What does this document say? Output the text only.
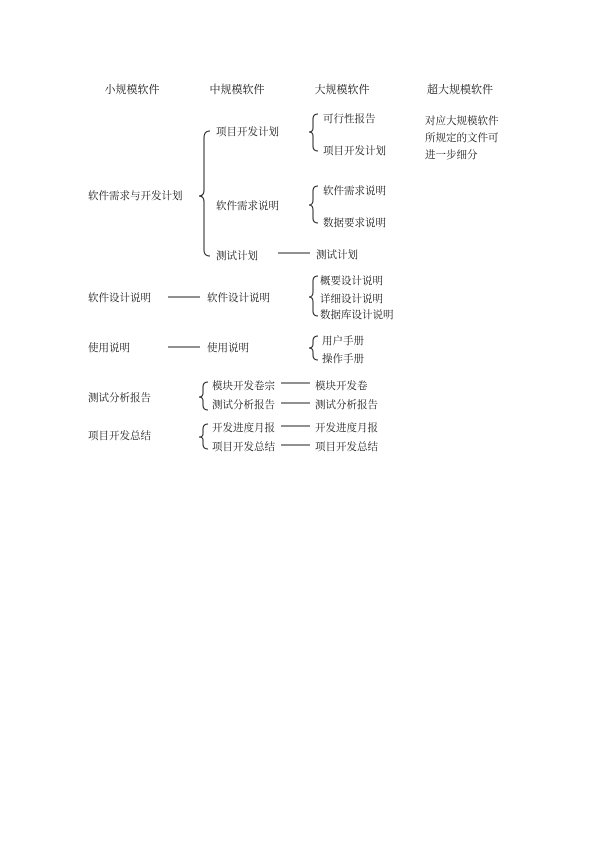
小规模软件	中规模软件	大规模软件	超大规模软件
软件需求与开发计划
软件设计说明
使用说明
测试分析报告
项目开发总结
项目开发计划
软件需求说明
测试计划
软件设计说明
使用说明
模块开发卷宗
测试分析报告
开发进度月报
项目开发总结
可行性报告
项目开发计划
软件需求说明
数据要求说明
测试计划
概要设计说明
详细设计说明
数据库设计说明
用户手册
操作手册
模块开发卷
测试分析报告
开发进度月报
项目开发总结
对应大规模软件
所规定的文件可
进一步细分
